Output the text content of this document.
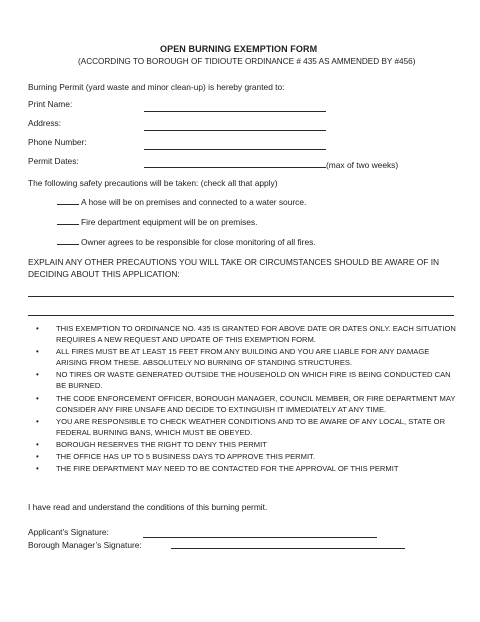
OPEN BURNING EXEMPTION FORM
(ACCORDING TO BOROUGH OF TIDIOUTE ORDINANCE # 435 AS AMMENDED BY #456)
Burning Permit (yard waste and minor clean-up) is hereby granted to:
Print Name:
Address:
Phone Number:
Permit Dates:	(max of two weeks)
The following safety precautions will be taken: (check all that apply)
A hose will be on premises and connected to a water source.
Fire department equipment will be on premises.
Owner agrees to be responsible for close monitoring of all fires.
EXPLAIN ANY OTHER PRECAUTIONS YOU WILL TAKE OR CIRCUMSTANCES SHOULD BE AWARE OF IN DECIDING ABOUT THIS APPLICATION:
• THIS EXEMPTION TO ORDINANCE NO. 435 IS GRANTED FOR ABOVE DATE OR DATES ONLY. EACH SITUATION REQUIRES A NEW REQUEST AND UPDATE OF THIS EXEMPTION FORM.
• ALL FIRES MUST BE AT LEAST 15 FEET FROM ANY BUILDING AND YOU ARE LIABLE FOR ANY DAMAGE ARISING FROM THESE. ABSOLUTELY NO BURNING OF STANDING STRUCTURES.
• NO TIRES OR WASTE GENERATED OUTSIDE THE HOUSEHOLD ON WHICH FIRE IS BEING CONDUCTED CAN BE BURNED.
• THE CODE ENFORCEMENT OFFICER, BOROUGH MANAGER, COUNCIL MEMBER, OR FIRE DEPARTMENT MAY CONSIDER ANY FIRE UNSAFE AND DECIDE TO EXTINGUISH IT IMMEDIATELY AT ANY TIME.
• YOU ARE RESPONSIBLE TO CHECK WEATHER CONDITIONS AND TO BE AWARE OF ANY LOCAL, STATE OR FEDERAL BURNING BANS, WHICH MUST BE OBEYED.
• BOROUGH RESERVES THE RIGHT TO DENY THIS PERMIT
• THE OFFICE HAS UP TO 5 BUSINESS DAYS TO APPROVE THIS PERMIT.
• THE FIRE DEPARTMENT MAY NEED TO BE CONTACTED FOR THE APPROVAL OF THIS PERMIT
I have read and understand the conditions of this burning permit.
Applicant’s Signature:
Borough Manager’s Signature:
